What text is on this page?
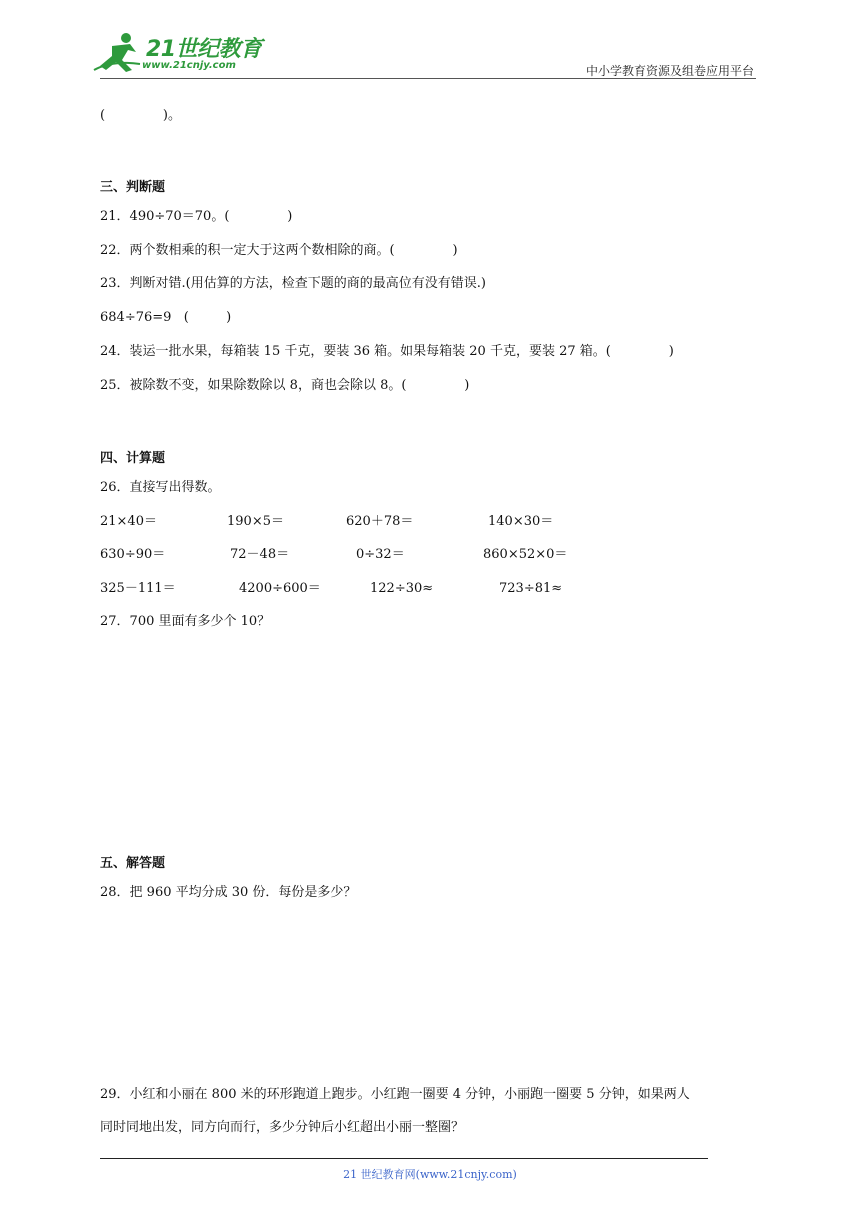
21世纪教育
www.21cnjy.com	中小学教育资源及组卷应用平台
(              )。
三、判断题
21．490÷70＝70。(              )
22．两个数相乘的积一定大于这两个数相除的商。(              )
23．判断对错.(用估算的方法，检查下题的商的最高位有没有错误.)
684÷76=9   (         )
24．装运一批水果，每箱装 15 千克，要装 36 箱。如果每箱装 20 千克，要装 27 箱。(              )
25．被除数不变，如果除数除以 8，商也会除以 8。(              )
四、计算题
26．直接写出得数。
21×40＝	190×5＝	620＋78＝	140×30＝
630÷90＝	72－48＝	0÷32＝	860×52×0＝
325－111＝	4200÷600＝	122÷30≈	723÷81≈
27．700 里面有多少个 10？
五、解答题
28．把 960 平均分成 30 份．每份是多少？
29．小红和小丽在 800 米的环形跑道上跑步。小红跑一圈要 4 分钟，小丽跑一圈要 5 分钟，如果两人
同时同地出发，同方向而行，多少分钟后小红超出小丽一整圈？
21 世纪教育网(www.21cnjy.com)
